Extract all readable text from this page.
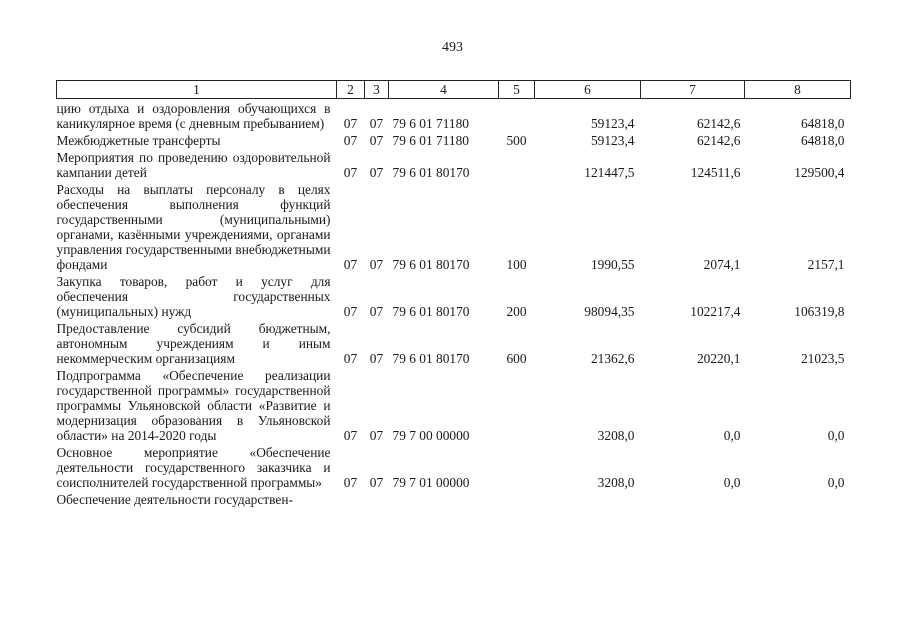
493
1	2	3	4	5	6	7	8
цию отдыха и оздоровления обучающихся в каникулярное время (с дневным пребыванием)	07	07	79 6 01 71180		59123,4	62142,6	64818,0
Межбюджетные трансферты	07	07	79 6 01 71180	500	59123,4	62142,6	64818,0
Мероприятия по проведению оздоровительной кампании детей	07	07	79 6 01 80170		121447,5	124511,6	129500,4
Расходы на выплаты персоналу в целях обеспечения выполнения функций государственными (муниципальными) органами, казёнными учреждениями, органами управления государственными внебюджетными фондами	07	07	79 6 01 80170	100	1990,55	2074,1	2157,1
Закупка товаров, работ и услуг для обеспечения государственных (муниципальных) нужд	07	07	79 6 01 80170	200	98094,35	102217,4	106319,8
Предоставление субсидий бюджетным, автономным учреждениям и иным некоммерческим организациям	07	07	79 6 01 80170	600	21362,6	20220,1	21023,5
Подпрограмма «Обеспечение реализации государственной программы» государственной программы Ульяновской области «Развитие и модернизация образования в Ульяновской области» на 2014-2020 годы	07	07	79 7 00 00000		3208,0	0,0	0,0
Основное мероприятие «Обеспечение деятельности государственного заказчика и соисполнителей государственной программы»	07	07	79 7 01 00000		3208,0	0,0	0,0
Обеспечение деятельности государствен-							
